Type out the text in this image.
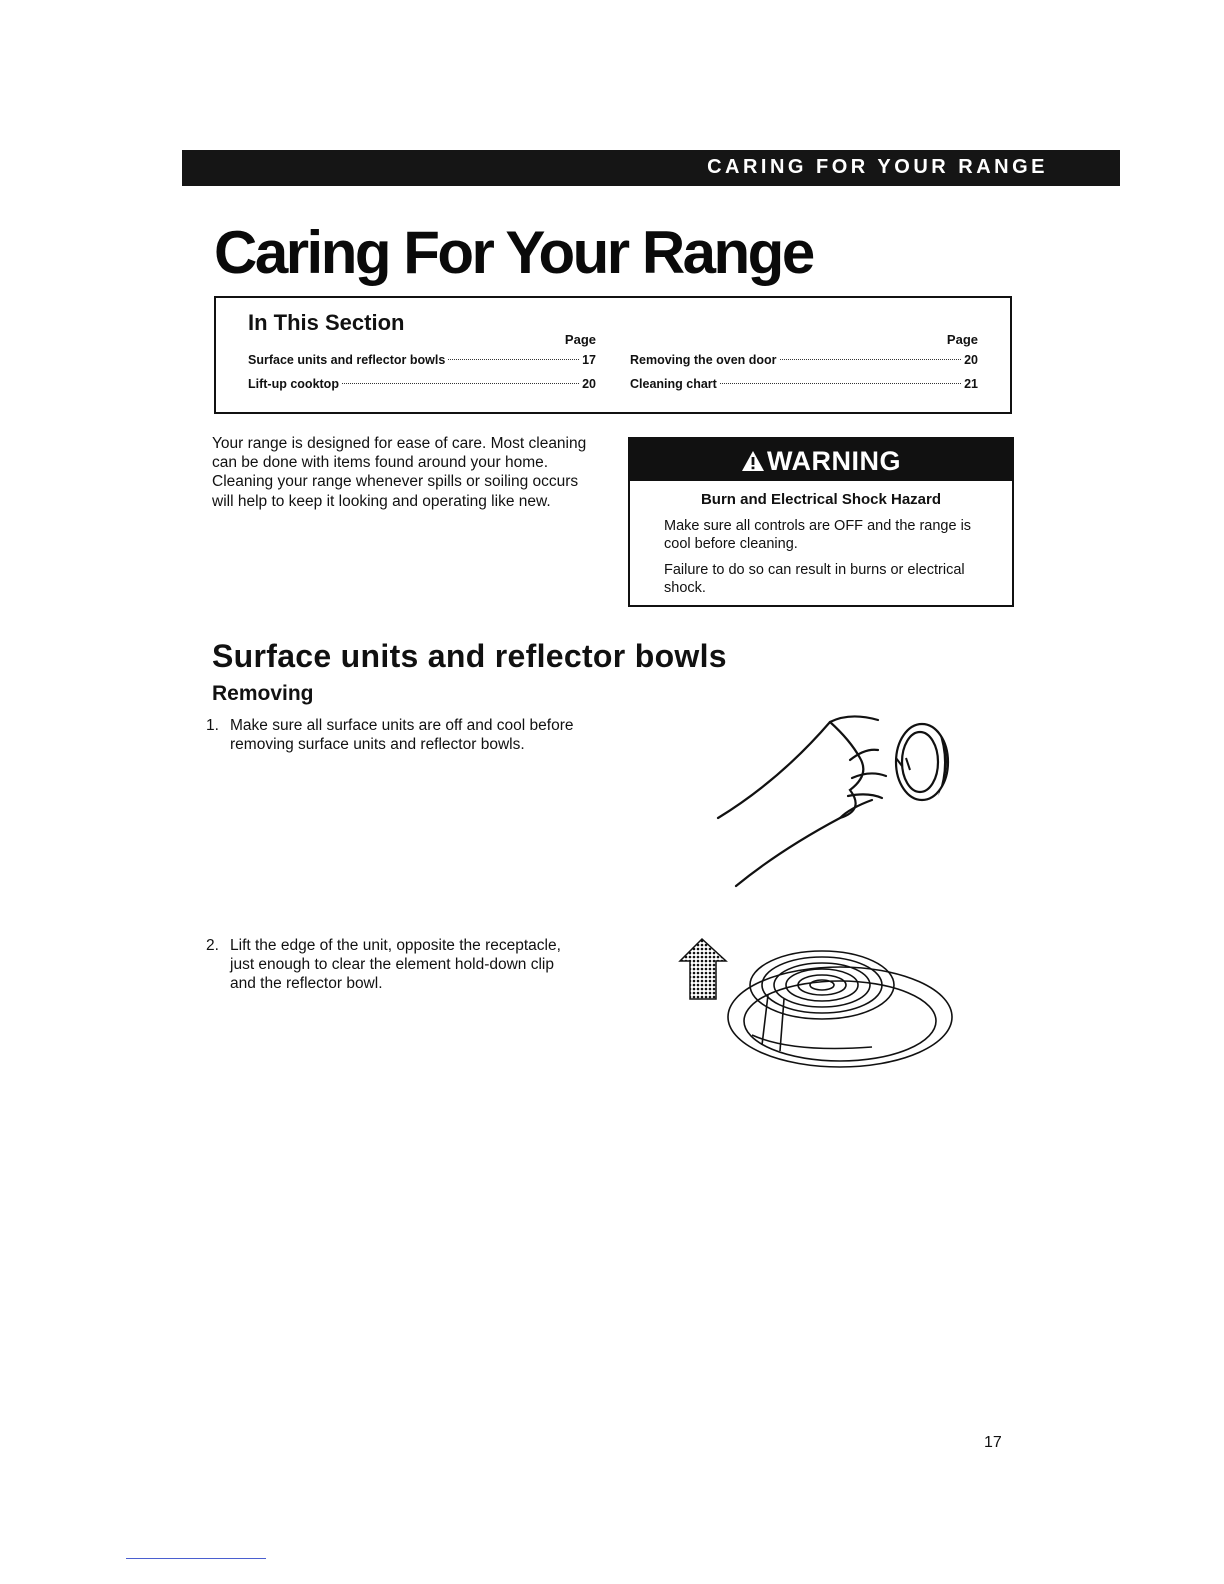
CARING FOR YOUR RANGE
Caring For Your Range
In This Section
Page
Surface units and reflector bowls	17
Lift-up cooktop	20
Page
Removing the oven door	20
Cleaning chart	21

Your range is designed for ease of care. Most cleaning can be done with items found around your home. Cleaning your range whenever spills or soiling occurs will help to keep it looking and operating like new.

WARNING

Burn and Electrical Shock Hazard

Make sure all controls are OFF and the range is cool before cleaning.

Failure to do so can result in burns or electrical shock.

Surface units and reflector bowls
Removing
1. Make sure all surface units are off and cool before removing surface units and reflector bowls.
2. Lift the edge of the unit, opposite the receptacle, just enough to clear the element hold-down clip and the reflector bowl.
17
